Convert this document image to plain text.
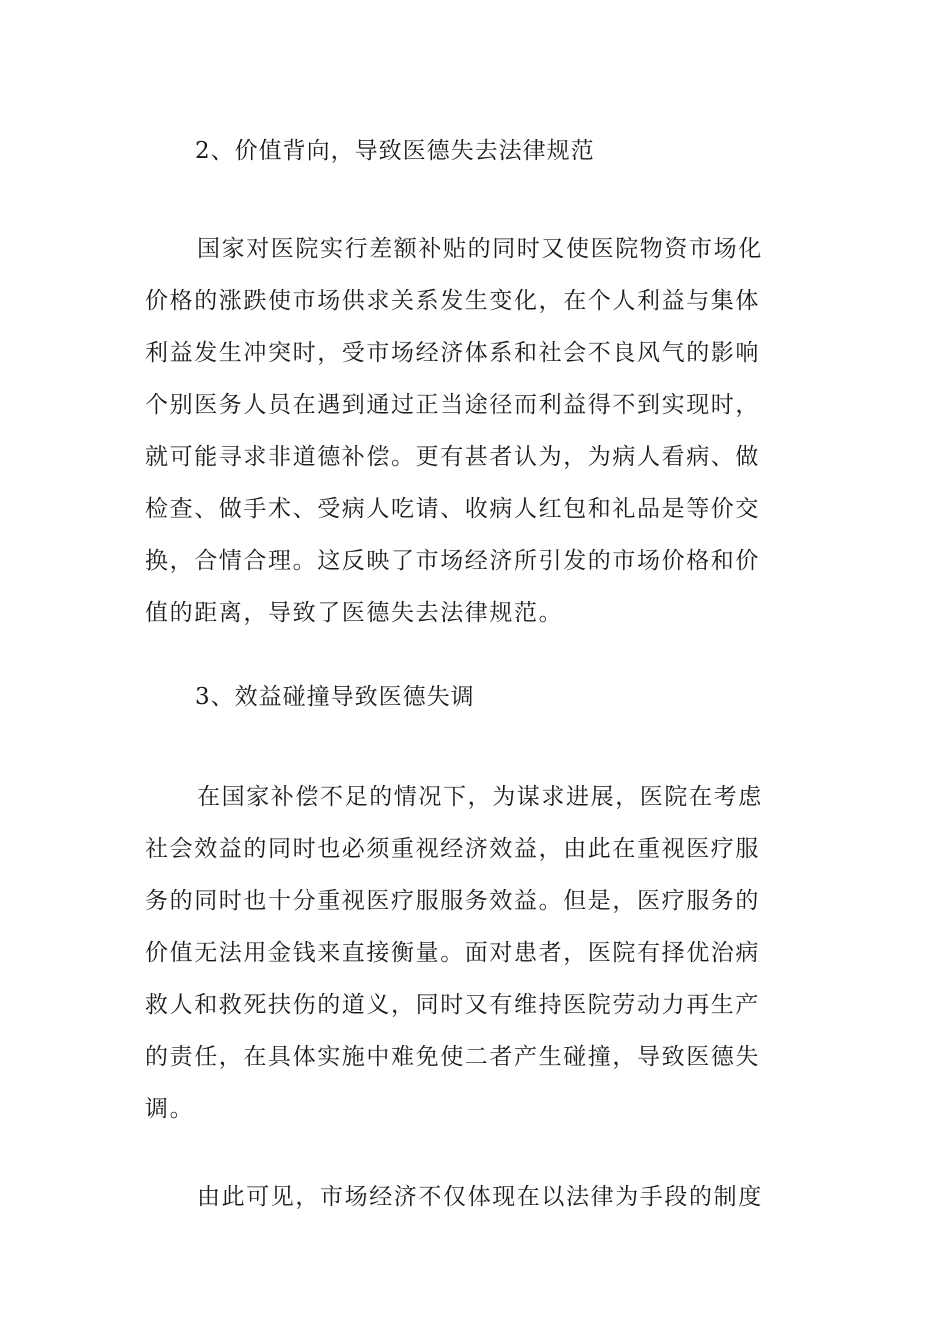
2、价值背向，导致医德失去法律规范
国家对医院实行差额补贴的同时又使医院物资市场化
价格的涨跌使市场供求关系发生变化，在个人利益与集体
利益发生冲突时，受市场经济体系和社会不良风气的影响
个别医务人员在遇到通过正当途径而利益得不到实现时，
就可能寻求非道德补偿。更有甚者认为，为病人看病、做
检查、做手术、受病人吃请、收病人红包和礼品是等价交
换，合情合理。这反映了市场经济所引发的市场价格和价
值的距离，导致了医德失去法律规范。
3、效益碰撞导致医德失调
在国家补偿不足的情况下，为谋求进展，医院在考虑
社会效益的同时也必须重视经济效益，由此在重视医疗服
务的同时也十分重视医疗服服务效益。但是，医疗服务的
价值无法用金钱来直接衡量。面对患者，医院有择优治病
救人和救死扶伤的道义，同时又有维持医院劳动力再生产
的责任，在具体实施中难免使二者产生碰撞，导致医德失
调。
由此可见，市场经济不仅体现在以法律为手段的制度
